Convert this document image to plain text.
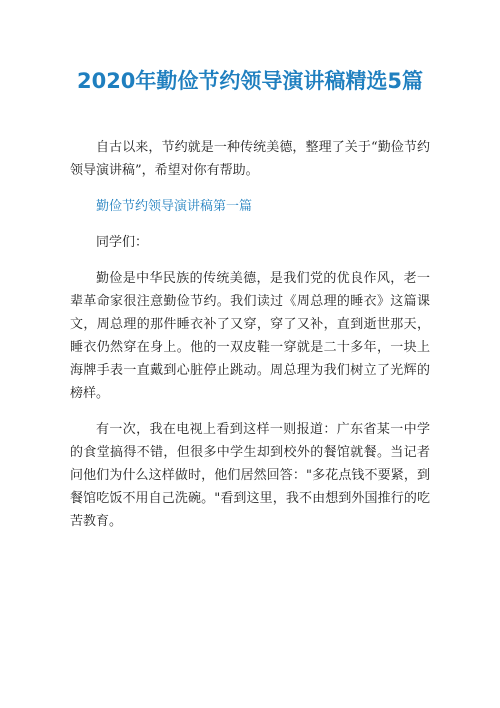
2020年勤俭节约领导演讲稿精选5篇

自古以来，节约就是一种传统美德，整理了关于“勤俭节约领导演讲稿”，希望对你有帮助。

勤俭节约领导演讲稿第一篇

同学们：

勤俭是中华民族的传统美德，是我们党的优良作风，老一辈革命家很注意勤俭节约。我们读过《周总理的睡衣》这篇课文，周总理的那件睡衣补了又穿，穿了又补，直到逝世那天，睡衣仍然穿在身上。他的一双皮鞋一穿就是二十多年，一块上海牌手表一直戴到心脏停止跳动。周总理为我们树立了光辉的榜样。

有一次，我在电视上看到这样一则报道：广东省某一中学的食堂搞得不错，但很多中学生却到校外的餐馆就餐。当记者问他们为什么这样做时，他们居然回答："多花点钱不要紧，到餐馆吃饭不用自己洗碗。"看到这里，我不由想到外国推行的吃苦教育。
